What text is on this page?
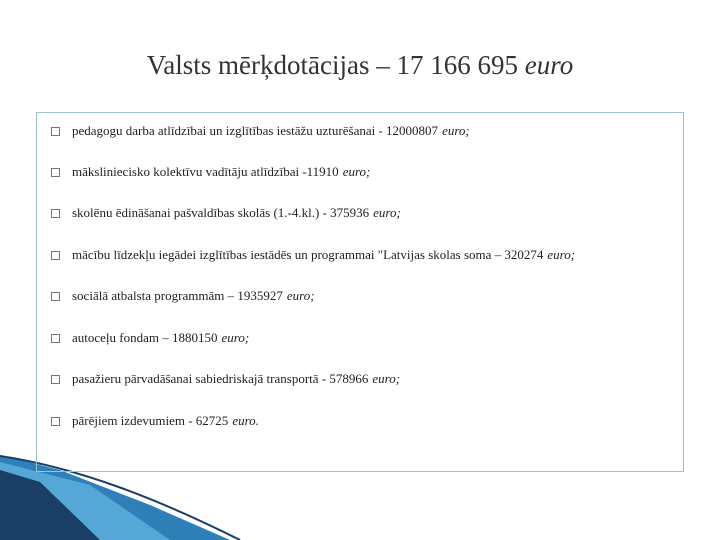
Valsts mērķdotācijas – 17 166 695 euro
pedagogu darba atlīdzībai un izglītības iestāžu uzturēšanai - 12000807 euro;
mākslinieciskо kolektīvu vadītāju atlīdzībai -11910 euro;
skolēnu ēdināšanai pašvaldības skolās (1.-4.kl.) - 375936 euro;
mācību līdzekļu iegādei izglītības iestādēs un programmai "Latvijas skolas soma – 320274 euro;
sociālā atbalsta programmām – 1935927 euro;
autoceļu fondam – 1880150 euro;
pasažieru pārvadāšanai sabiedriskajā transportā - 578966 euro;
pārējiem izdevumiem - 62725 euro.
